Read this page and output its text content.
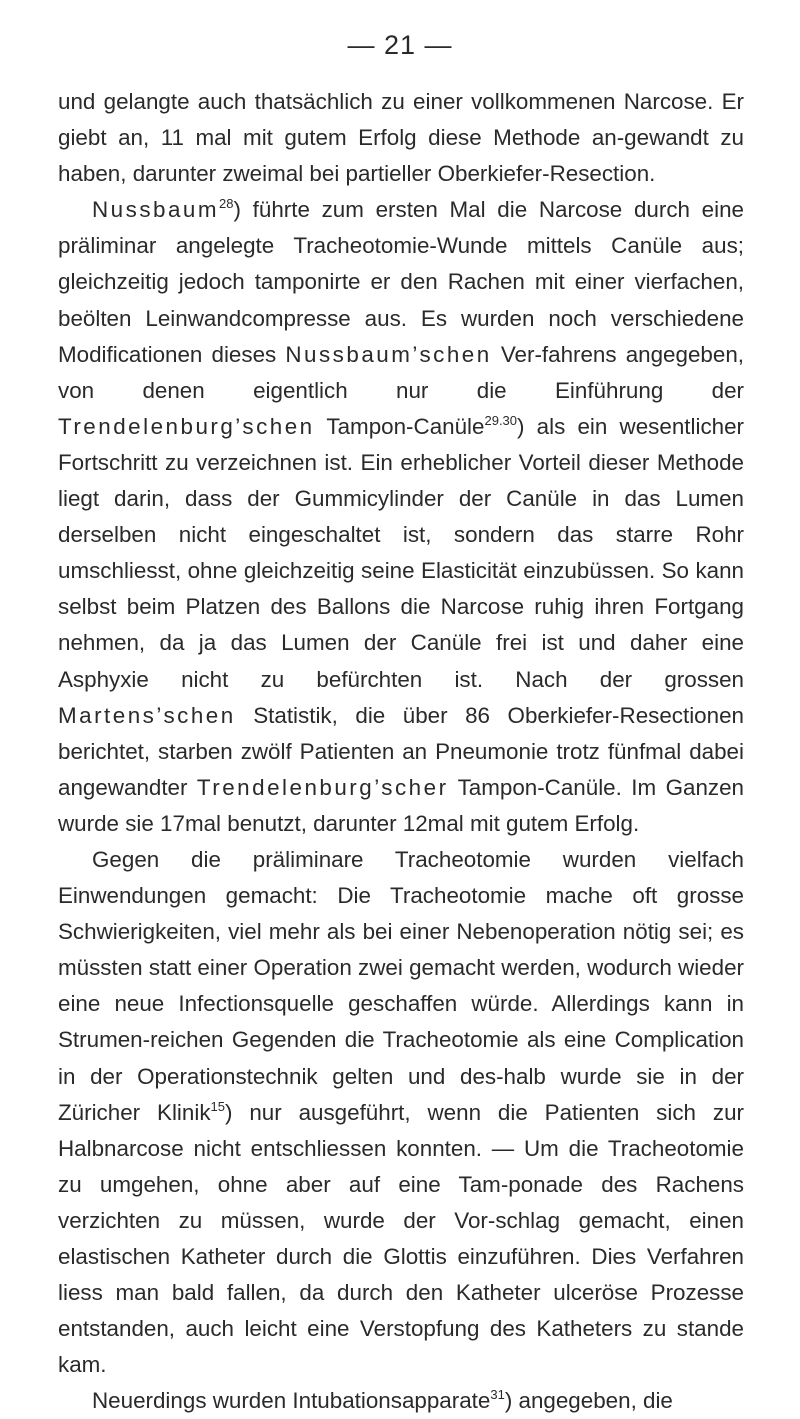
— 21 —

und gelangte auch thatsächlich zu einer vollkommenen Narcose. Er giebt an, 11 mal mit gutem Erfolg diese Methode an-gewandt zu haben, darunter zweimal bei partieller Oberkiefer-Resection.

Nussbaum$^{28}$) führte zum ersten Mal die Narcose durch eine präliminar angelegte Tracheotomie-Wunde mittels Canüle aus; gleichzeitig jedoch tamponirte er den Rachen mit einer vierfachen, beölten Leinwandcompresse aus. Es wurden noch verschiedene Modificationen dieses Nussbaum’schen Ver-fahrens angegeben, von denen eigentlich nur die Einführung der Trendelenburg’schen Tampon-Canüle$^{29.30}$) als ein wesentlicher Fortschritt zu verzeichnen ist. Ein erheblicher Vorteil dieser Methode liegt darin, dass der Gummicylinder der Canüle in das Lumen derselben nicht eingeschaltet ist, sondern das starre Rohr umschliesst, ohne gleichzeitig seine Elasticität einzubüssen. So kann selbst beim Platzen des Ballons die Narcose ruhig ihren Fortgang nehmen, da ja das Lumen der Canüle frei ist und daher eine Asphyxie nicht zu befürchten ist. Nach der grossen Martens’schen Statistik, die über 86 Oberkiefer-Resectionen berichtet, starben zwölf Patienten an Pneumonie trotz fünfmal dabei angewandter Trendelenburg’scher Tampon-Canüle. Im Ganzen wurde sie 17mal benutzt, darunter 12mal mit gutem Erfolg.

Gegen die präliminare Tracheotomie wurden vielfach Einwendungen gemacht: Die Tracheotomie mache oft grosse Schwierigkeiten, viel mehr als bei einer Nebenoperation nötig sei; es müssten statt einer Operation zwei gemacht werden, wodurch wieder eine neue Infectionsquelle geschaffen würde. Allerdings kann in Strumen-reichen Gegenden die Tracheotomie als eine Complication in der Operationstechnik gelten und des-halb wurde sie in der Züricher Klinik$^{15}$) nur ausgeführt, wenn die Patienten sich zur Halbnarcose nicht entschliessen konnten. — Um die Tracheotomie zu umgehen, ohne aber auf eine Tam-ponade des Rachens verzichten zu müssen, wurde der Vor-schlag gemacht, einen elastischen Katheter durch die Glottis einzuführen. Dies Verfahren liess man bald fallen, da durch den Katheter ulceröse Prozesse entstanden, auch leicht eine Verstopfung des Katheters zu stande kam.

Neuerdings wurden Intubationsapparate$^{31}$) angegeben, die
